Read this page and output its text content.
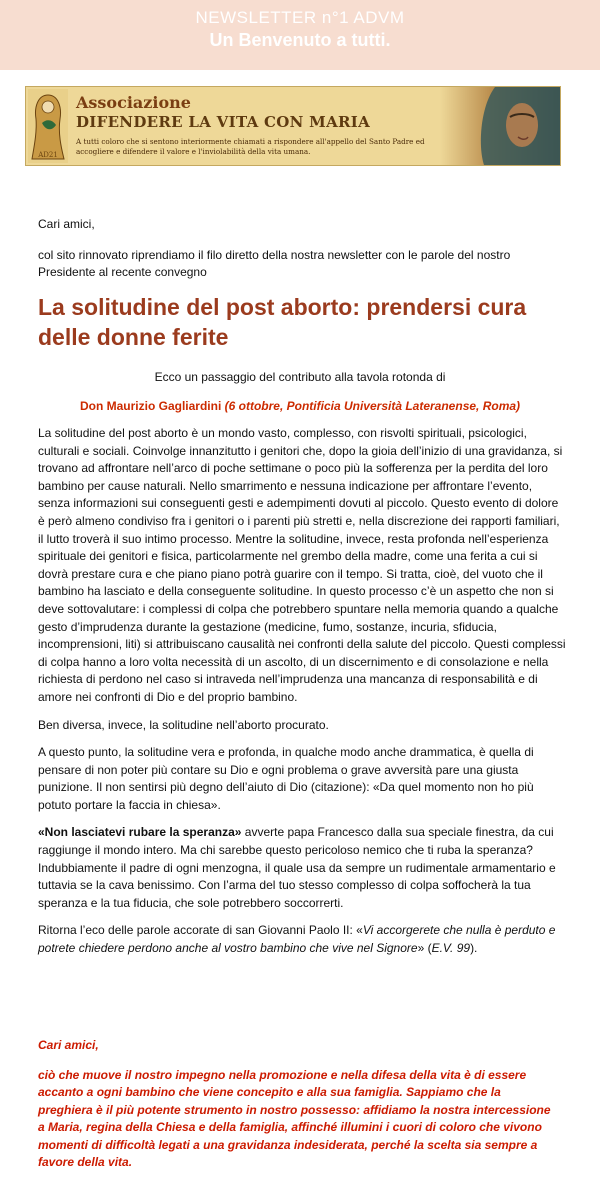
NEWSLETTER n°1 ADVM
Un Benvenuto a tutti.
AD21
Associazione
DIFENDERE LA VITA CON MARIA
A tutti coloro che si sentono interiormente chiamati a rispondere all'appello del Santo Padre ed accogliere e difendere il valore e l'inviolabilità della vita umana.
Cari amici,
col sito rinnovato riprendiamo il filo diretto della nostra newsletter con le parole del nostro Presidente al recente convegno
La solitudine del post aborto: prendersi cura delle donne ferite
Ecco un passaggio del contributo alla tavola rotonda di
Don Maurizio Gagliardini (6 ottobre, Pontificia Università Lateranense, Roma)

La solitudine del post aborto è un mondo vasto, complesso, con risvolti spirituali, psicologici, culturali e sociali. Coinvolge innanzitutto i genitori che, dopo la gioia dell’inizio di una gravidanza, si trovano ad affrontare nell’arco di poche settimane o poco più la sofferenza per la perdita del loro bambino per cause naturali. Nello smarrimento e nessuna indicazione per affrontare l’evento, senza informazioni sui conseguenti gesti e adempimenti dovuti al piccolo. Questo evento di dolore è però almeno condiviso fra i genitori o i parenti più stretti e, nella discrezione dei rapporti familiari, il lutto troverà il suo intimo processo. Mentre la solitudine, invece, resta profonda nell’esperienza spirituale dei genitori e fisica, particolarmente nel grembo della madre, come una ferita a cui si dovrà prestare cura e che piano piano potrà guarire con il tempo. Si tratta, cioè, del vuoto che il bambino ha lasciato e della conseguente solitudine. In questo processo c’è un aspetto che non si deve sottovalutare: i complessi di colpa che potrebbero spuntare nella memoria quando a qualche gesto d’imprudenza durante la gestazione (medicine, fumo, sostanze, incuria, sfiducia, incomprensioni, liti) si attribuiscano causalità nei confronti della salute del piccolo. Questi complessi di colpa hanno a loro volta necessità di un ascolto, di un discernimento e di consolazione e nella richiesta di perdono nel caso si intraveda nell’imprudenza una mancanza di responsabilità e di amore nei confronti di Dio e del proprio bambino.

Ben diversa, invece, la solitudine nell’aborto procurato.

A questo punto, la solitudine vera e profonda, in qualche modo anche drammatica, è quella di pensare di non poter più contare su Dio e ogni problema o grave avversità pare una giusta punizione. Il non sentirsi più degno dell’aiuto di Dio (citazione): «Da quel momento non ho più potuto portare la faccia in chiesa».

«Non lasciatevi rubare la speranza» avverte papa Francesco dalla sua speciale finestra, da cui raggiunge il mondo intero. Ma chi sarebbe questo pericoloso nemico che ti ruba la speranza? Indubbiamente il padre di ogni menzogna, il quale usa da sempre un rudimentale armamentario e tuttavia se la cava benissimo. Con l’arma del tuo stesso complesso di colpa soffocherà la tua speranza e la tua fiducia, che sole potrebbero soccorrerti.

Ritorna l’eco delle parole accorate di san Giovanni Paolo II: «Vi accorgerete che nulla è perduto e potrete chiedere perdono anche al vostro bambino che vive nel Signore» (E.V. 99).

Cari amici,

ciò che muove il nostro impegno nella promozione e nella difesa della vita è di essere accanto a ogni bambino che viene concepito e alla sua famiglia. Sappiamo che la preghiera è il più potente strumento in nostro possesso: affidiamo la nostra intercessione a Maria, regina della Chiesa e della famiglia, affinché illumini i cuori di coloro che vivono momenti di difficoltà legati a una gravidanza indesiderata, perché la scelta sia sempre a favore della vita.
